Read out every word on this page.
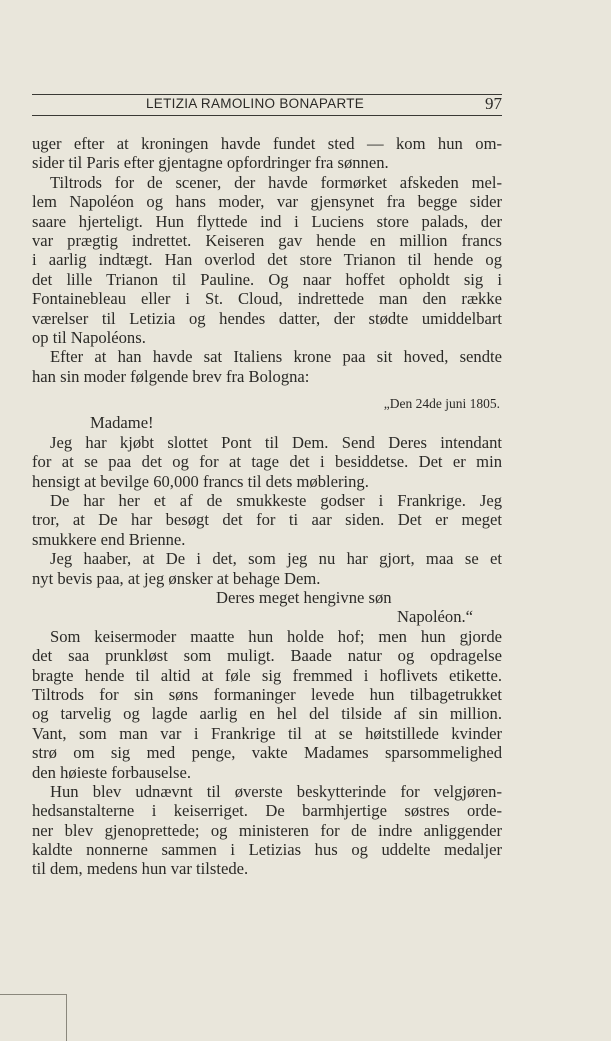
LETIZIA RAMOLINO BONAPARTE	97
uger efter at kroningen havde fundet sted — kom hun om-
sider til Paris efter gjentagne opfordringer fra sønnen.
Tiltrods for de scener, der havde formørket afskeden mel-
lem Napoléon og hans moder, var gjensynet fra begge sider
saare hjerteligt. Hun flyttede ind i Luciens store palads, der
var prægtig indrettet. Keiseren gav hende en million francs
i aarlig indtægt. Han overlod det store Trianon til hende og
det lille Trianon til Pauline. Og naar hoffet opholdt sig i
Fontainebleau eller i St. Cloud, indrettede man den række
værelser til Letizia og hendes datter, der stødte umiddelbart
op til Napoléons.
Efter at han havde sat Italiens krone paa sit hoved, sendte
han sin moder følgende brev fra Bologna:
„Den 24de juni 1805.
Madame!
Jeg har kjøbt slottet Pont til Dem. Send Deres intendant
for at se paa det og for at tage det i besiddetse. Det er min
hensigt at bevilge 60,000 francs til dets møblering.
De har her et af de smukkeste godser i Frankrige. Jeg
tror, at De har besøgt det for ti aar siden. Det er meget
smukkere end Brienne.
Jeg haaber, at De i det, som jeg nu har gjort, maa se et
nyt bevis paa, at jeg ønsker at behage Dem.
Deres meget hengivne søn
Napoléon.“
Som keisermoder maatte hun holde hof; men hun gjorde
det saa prunkløst som muligt. Baade natur og opdragelse
bragte hende til altid at føle sig fremmed i hoflivets etikette.
Tiltrods for sin søns formaninger levede hun tilbagetrukket
og tarvelig og lagde aarlig en hel del tilside af sin million.
Vant, som man var i Frankrige til at se høitstillede kvinder
strø om sig med penge, vakte Madames sparsommelighed
den høieste forbauselse.
Hun blev udnævnt til øverste beskytterinde for velgjøren-
hedsanstalterne i keiserriget. De barmhjertige søstres orde-
ner blev gjenoprettede; og ministeren for de indre anliggender
kaldte nonnerne sammen i Letizias hus og uddelte medaljer
til dem, medens hun var tilstede.
